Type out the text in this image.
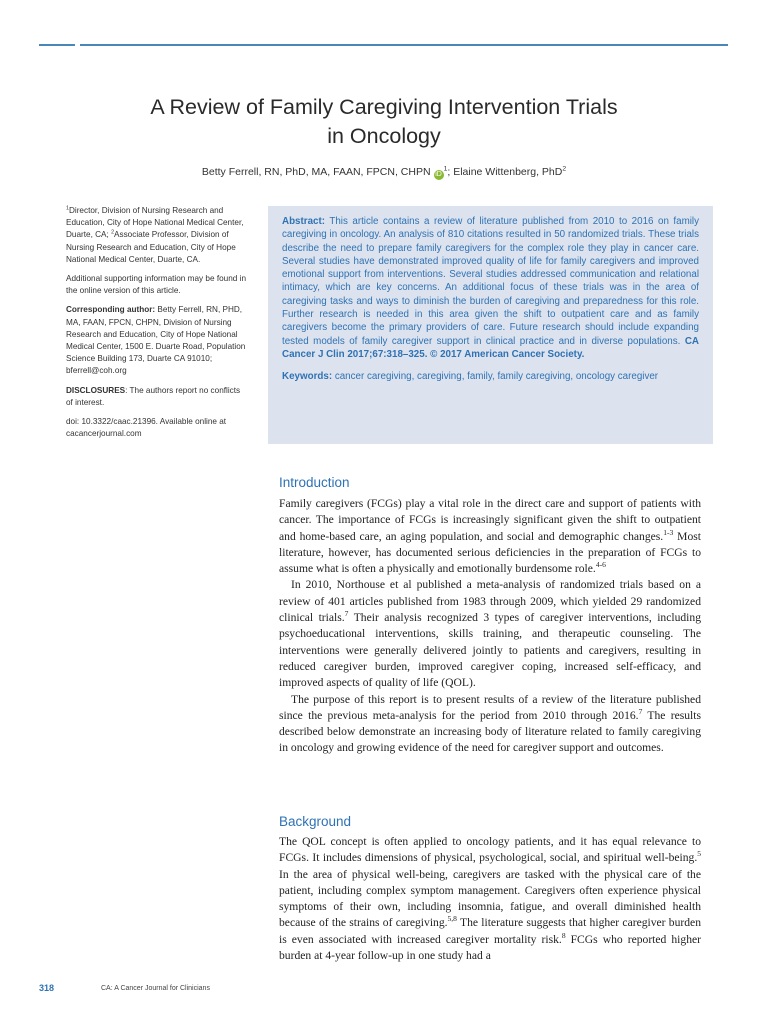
A Review of Family Caregiving Intervention Trials
in Oncology
Betty Ferrell, RN, PhD, MA, FAAN, FPCN, CHPN $iD^1$; Elaine Wittenberg, PhD$^2$

$^1$Director, Division of Nursing Research and Education, City of Hope National Medical Center, Duarte, CA; $^2$Associate Professor, Division of Nursing Research and Education, City of Hope National Medical Center, Duarte, CA.

Additional supporting information may be found in the online version of this article.

Corresponding author: Betty Ferrell, RN, PHD, MA, FAAN, FPCN, CHPN, Division of Nursing Research and Education, City of Hope National Medical Center, 1500 E. Duarte Road, Population Science Building 173, Duarte CA 91010; bferrell@coh.org

DISCLOSURES: The authors report no conflicts of interest.

doi: 10.3322/caac.21396. Available online at cacancerjournal.com

Abstract: This article contains a review of literature published from 2010 to 2016 on family caregiving in oncology. An analysis of 810 citations resulted in 50 randomized trials. These trials describe the need to prepare family caregivers for the complex role they play in cancer care. Several studies have demonstrated improved quality of life for family caregivers and improved emotional support from interventions. Several studies addressed communication and relational intimacy, which are key concerns. An additional focus of these trials was in the area of caregiving tasks and ways to diminish the burden of caregiving and preparedness for this role. Further research is needed in this area given the shift to outpatient care and as family caregivers become the primary providers of care. Future research should include expanding tested models of family caregiver support in clinical practice and in diverse populations. CA Cancer J Clin 2017;67:318–325. © 2017 American Cancer Society.

Keywords: cancer caregiving, caregiving, family, family caregiving, oncology caregiver

Introduction

Family caregivers (FCGs) play a vital role in the direct care and support of patients with cancer. The importance of FCGs is increasingly significant given the shift to outpatient and home-based care, an aging population, and social and demographic changes.$^{1-3}$ Most literature, however, has documented serious deficiencies in the preparation of FCGs to assume what is often a physically and emotionally burdensome role.$^{4-6}$

In 2010, Northouse et al published a meta-analysis of randomized trials based on a review of 401 articles published from 1983 through 2009, which yielded 29 randomized clinical trials.$^7$ Their analysis recognized 3 types of caregiver interventions, including psychoeducational interventions, skills training, and therapeutic counseling. The interventions were generally delivered jointly to patients and caregivers, resulting in reduced caregiver burden, improved caregiver coping, increased self-efficacy, and improved aspects of quality of life (QOL).

The purpose of this report is to present results of a review of the literature published since the previous meta-analysis for the period from 2010 through 2016.$^7$ The results described below demonstrate an increasing body of literature related to family caregiving in oncology and growing evidence of the need for caregiver support and outcomes.

Background

The QOL concept is often applied to oncology patients, and it has equal relevance to FCGs. It includes dimensions of physical, psychological, social, and spiritual well-being.$^5$ In the area of physical well-being, caregivers are tasked with the physical care of the patient, including complex symptom management. Caregivers often experience physical symptoms of their own, including insomnia, fatigue, and overall diminished health because of the strains of caregiving.$^{5,8}$ The literature suggests that higher caregiver burden is even associated with increased caregiver mortality risk.$^8$ FCGs who reported higher burden at 4-year follow-up in one study had a

318	CA: A Cancer Journal for Clinicians
